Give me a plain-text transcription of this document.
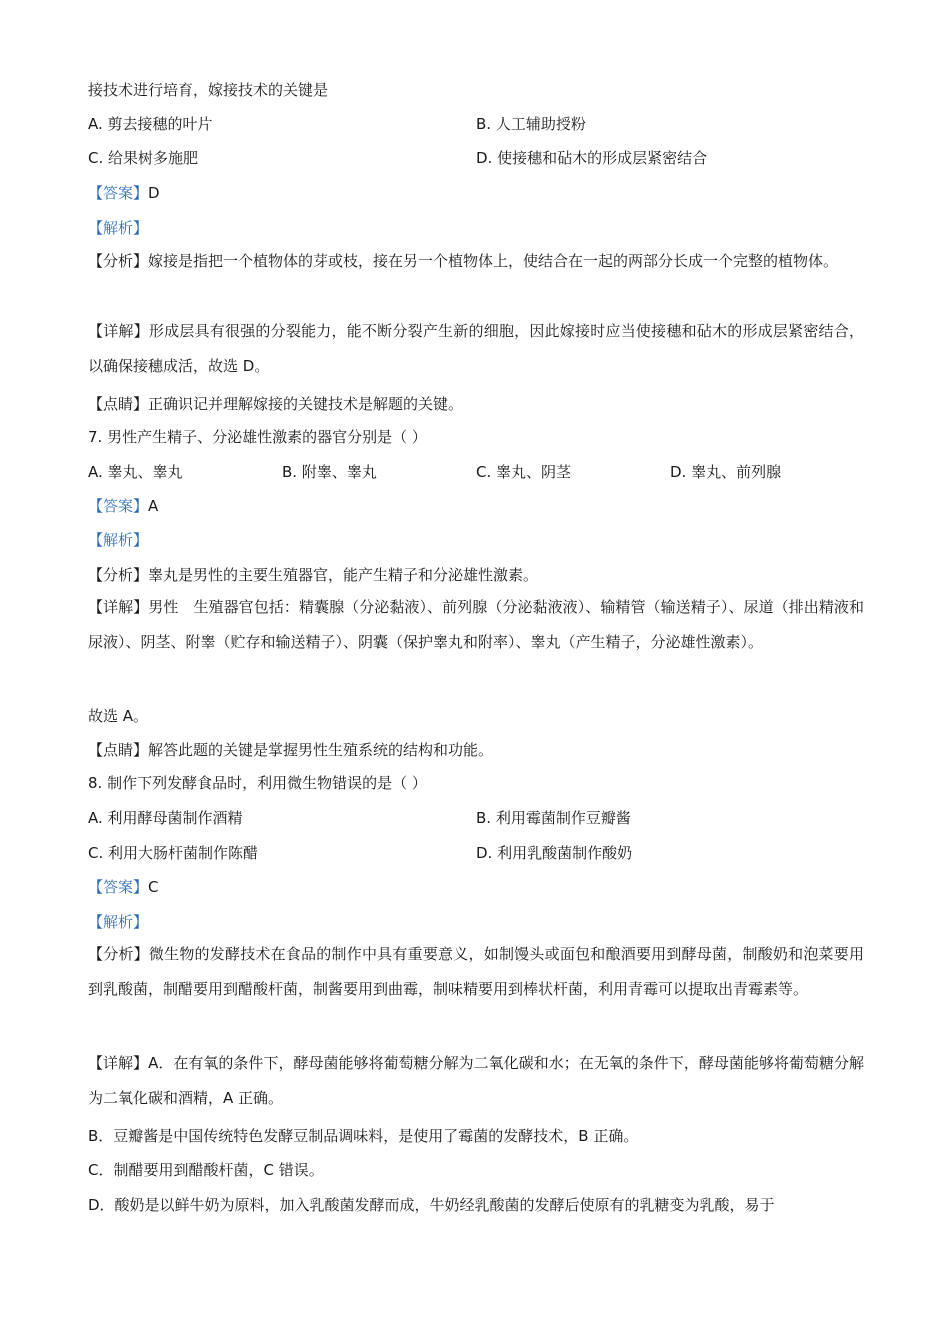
接技术进行培育，嫁接技术的关键是
A. 剪去接穗的叶片	B. 人工辅助授粉
C. 给果树多施肥	D. 使接穗和砧木的形成层紧密结合
【答案】D
【解析】
【分析】嫁接是指把一个植物体的芽或枝，接在另一个植物体上，使结合在一起的两部分长成一个完整的植物体。
【详解】形成层具有很强的分裂能力，能不断分裂产生新的细胞，因此嫁接时应当使接穗和砧木的形成层紧密结合，以确保接穗成活，故选 D。
【点睛】正确识记并理解嫁接的关键技术是解题的关键。
7. 男性产生精子、分泌雄性激素的器官分别是（ ）
A. 睾丸、睾丸	B. 附睾、睾丸	C. 睾丸、阴茎	D. 睾丸、前列腺
【答案】A
【解析】
【分析】睾丸是男性的主要生殖器官，能产生精子和分泌雄性激素。
【详解】男性　生殖器官包括：精囊腺（分泌黏液）、前列腺（分泌黏液液）、输精管（输送精子）、尿道（排出精液和尿液）、阴茎、附睾（贮存和输送精子）、阴囊（保护睾丸和附率）、睾丸（产生精子，分泌雄性激素）。
故选 A。
【点睛】解答此题的关键是掌握男性生殖系统的结构和功能。
8. 制作下列发酵食品时，利用微生物错误的是（ ）
A. 利用酵母菌制作酒精	B. 利用霉菌制作豆瓣酱
C. 利用大肠杆菌制作陈醋	D. 利用乳酸菌制作酸奶
【答案】C
【解析】
【分析】微生物的发酵技术在食品的制作中具有重要意义，如制馒头或面包和酿酒要用到酵母菌，制酸奶和泡菜要用到乳酸菌，制醋要用到醋酸杆菌，制酱要用到曲霉，制味精要用到棒状杆菌，利用青霉可以提取出青霉素等。
【详解】A．在有氧的条件下，酵母菌能够将葡萄糖分解为二氧化碳和水；在无氧的条件下，酵母菌能够将葡萄糖分解为二氧化碳和酒精，A 正确。
B．豆瓣酱是中国传统特色发酵豆制品调味料，是使用了霉菌的发酵技术，B 正确。
C．制醋要用到醋酸杆菌，C 错误。
D．酸奶是以鲜牛奶为原料，加入乳酸菌发酵而成，牛奶经乳酸菌的发酵后使原有的乳糖变为乳酸，易于
